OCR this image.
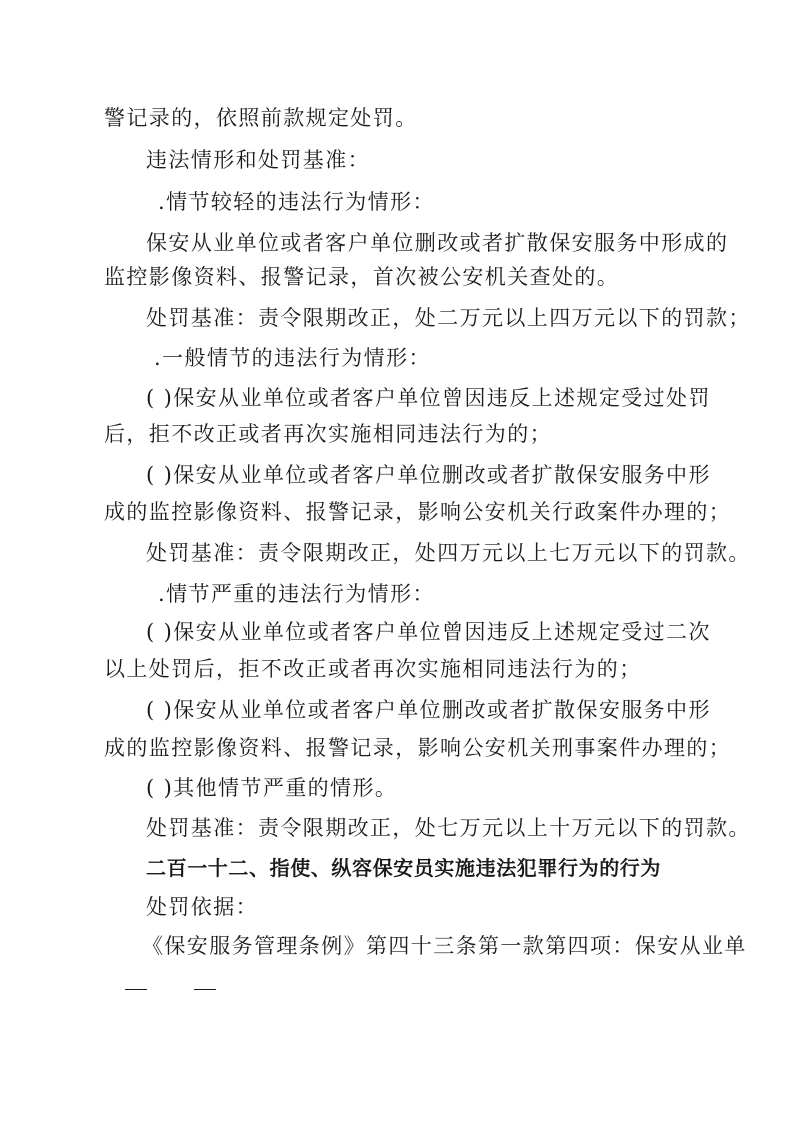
警记录的，依照前款规定处罚。
违法情形和处罚基准：
.情节较轻的违法行为情形：
保安从业单位或者客户单位删改或者扩散保安服务中形成的
监控影像资料、报警记录，首次被公安机关查处的。
处罚基准：责令限期改正，处二万元以上四万元以下的罚款；
.一般情节的违法行为情形：
( )保安从业单位或者客户单位曾因违反上述规定受过处罚
后，拒不改正或者再次实施相同违法行为的；
( )保安从业单位或者客户单位删改或者扩散保安服务中形
成的监控影像资料、报警记录，影响公安机关行政案件办理的；
处罚基准：责令限期改正，处四万元以上七万元以下的罚款。
.情节严重的违法行为情形：
( )保安从业单位或者客户单位曾因违反上述规定受过二次
以上处罚后，拒不改正或者再次实施相同违法行为的；
( )保安从业单位或者客户单位删改或者扩散保安服务中形
成的监控影像资料、报警记录，影响公安机关刑事案件办理的；
( )其他情节严重的情形。
处罚基准：责令限期改正，处七万元以上十万元以下的罚款。
二百一十二、指使、纵容保安员实施违法犯罪行为的行为
处罚依据：
《保安服务管理条例》第四十三条第一款第四项：保安从业单
